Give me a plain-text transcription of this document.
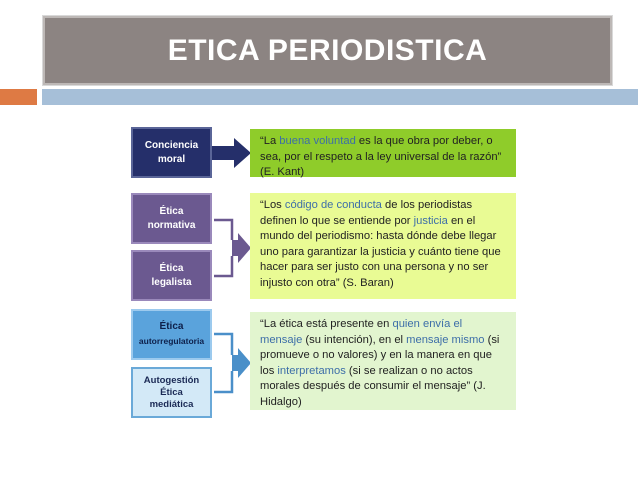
ETICA PERIODISTICA
Conciencia
moral
“La buena voluntad es la que obra por deber, o sea, por el respeto a la ley universal de la razón” (E. Kant)
Ética
normativa
Ética
legalista
“Los código de conducta de los periodistas definen lo que se entiende por justicia en el mundo del periodismo: hasta dónde debe llegar uno para garantizar la justicia y cuánto tiene que hacer para ser justo con una persona y no ser injusto con otra” (S. Baran)
Ética
autorregulatoria
Autogestión
Ética
mediática
“La ética está presente en quien envía el mensaje (su intención), en el mensaje mismo (si promueve o no valores) y en la manera en que los interpretamos (si se realizan o no actos morales después de consumir el mensaje” (J. Hidalgo)
